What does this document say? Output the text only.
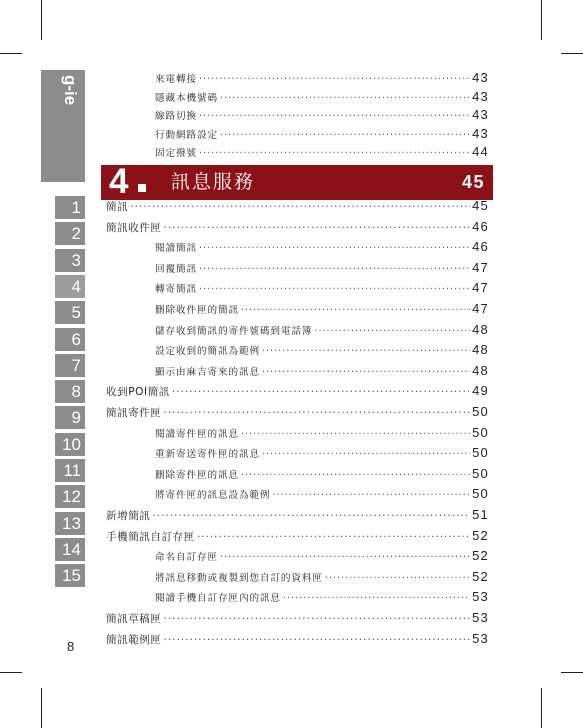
g-ie
1
2
3
4
5
6
7
8
9
10
11
12
13
14
15
來電轉接 ·····	43
隱藏本機號碼 ·····	43
線路切換 ·····	43
行動網路設定 ·····	43
固定撥號 ·····	44
4 訊息服務	45
簡訊 ·····	45
簡訊收件匣 ·····	46
閱讀簡訊 ·····	46
回覆簡訊 ·····	47
轉寄簡訊 ·····	47
刪除收件匣的簡訊 ·····	47
儲存收到簡訊的寄件號碼到電話簿 ·····	48
設定收到的簡訊為範例 ·····	48
顯示由麻吉寄來的訊息 ·····	48
收到POI簡訊 ·····	49
簡訊寄件匣 ·····	50
閱讀寄件匣的訊息 ·····	50
重新寄送寄件匣的訊息 ·····	50
刪除寄件匣的訊息 ·····	50
將寄件匣的訊息設為範例 ·····	50
新增簡訊 ·····	51
手機簡訊自訂存匣 ·····	52
命名自訂存匣 ·····	52
將訊息移動或複製到您自訂的資料匣 ·····	52
閱讀手機自訂存匣內的訊息 ·····	53
簡訊草稿匣 ·····	53
簡訊範例匣 ·····	53
8
